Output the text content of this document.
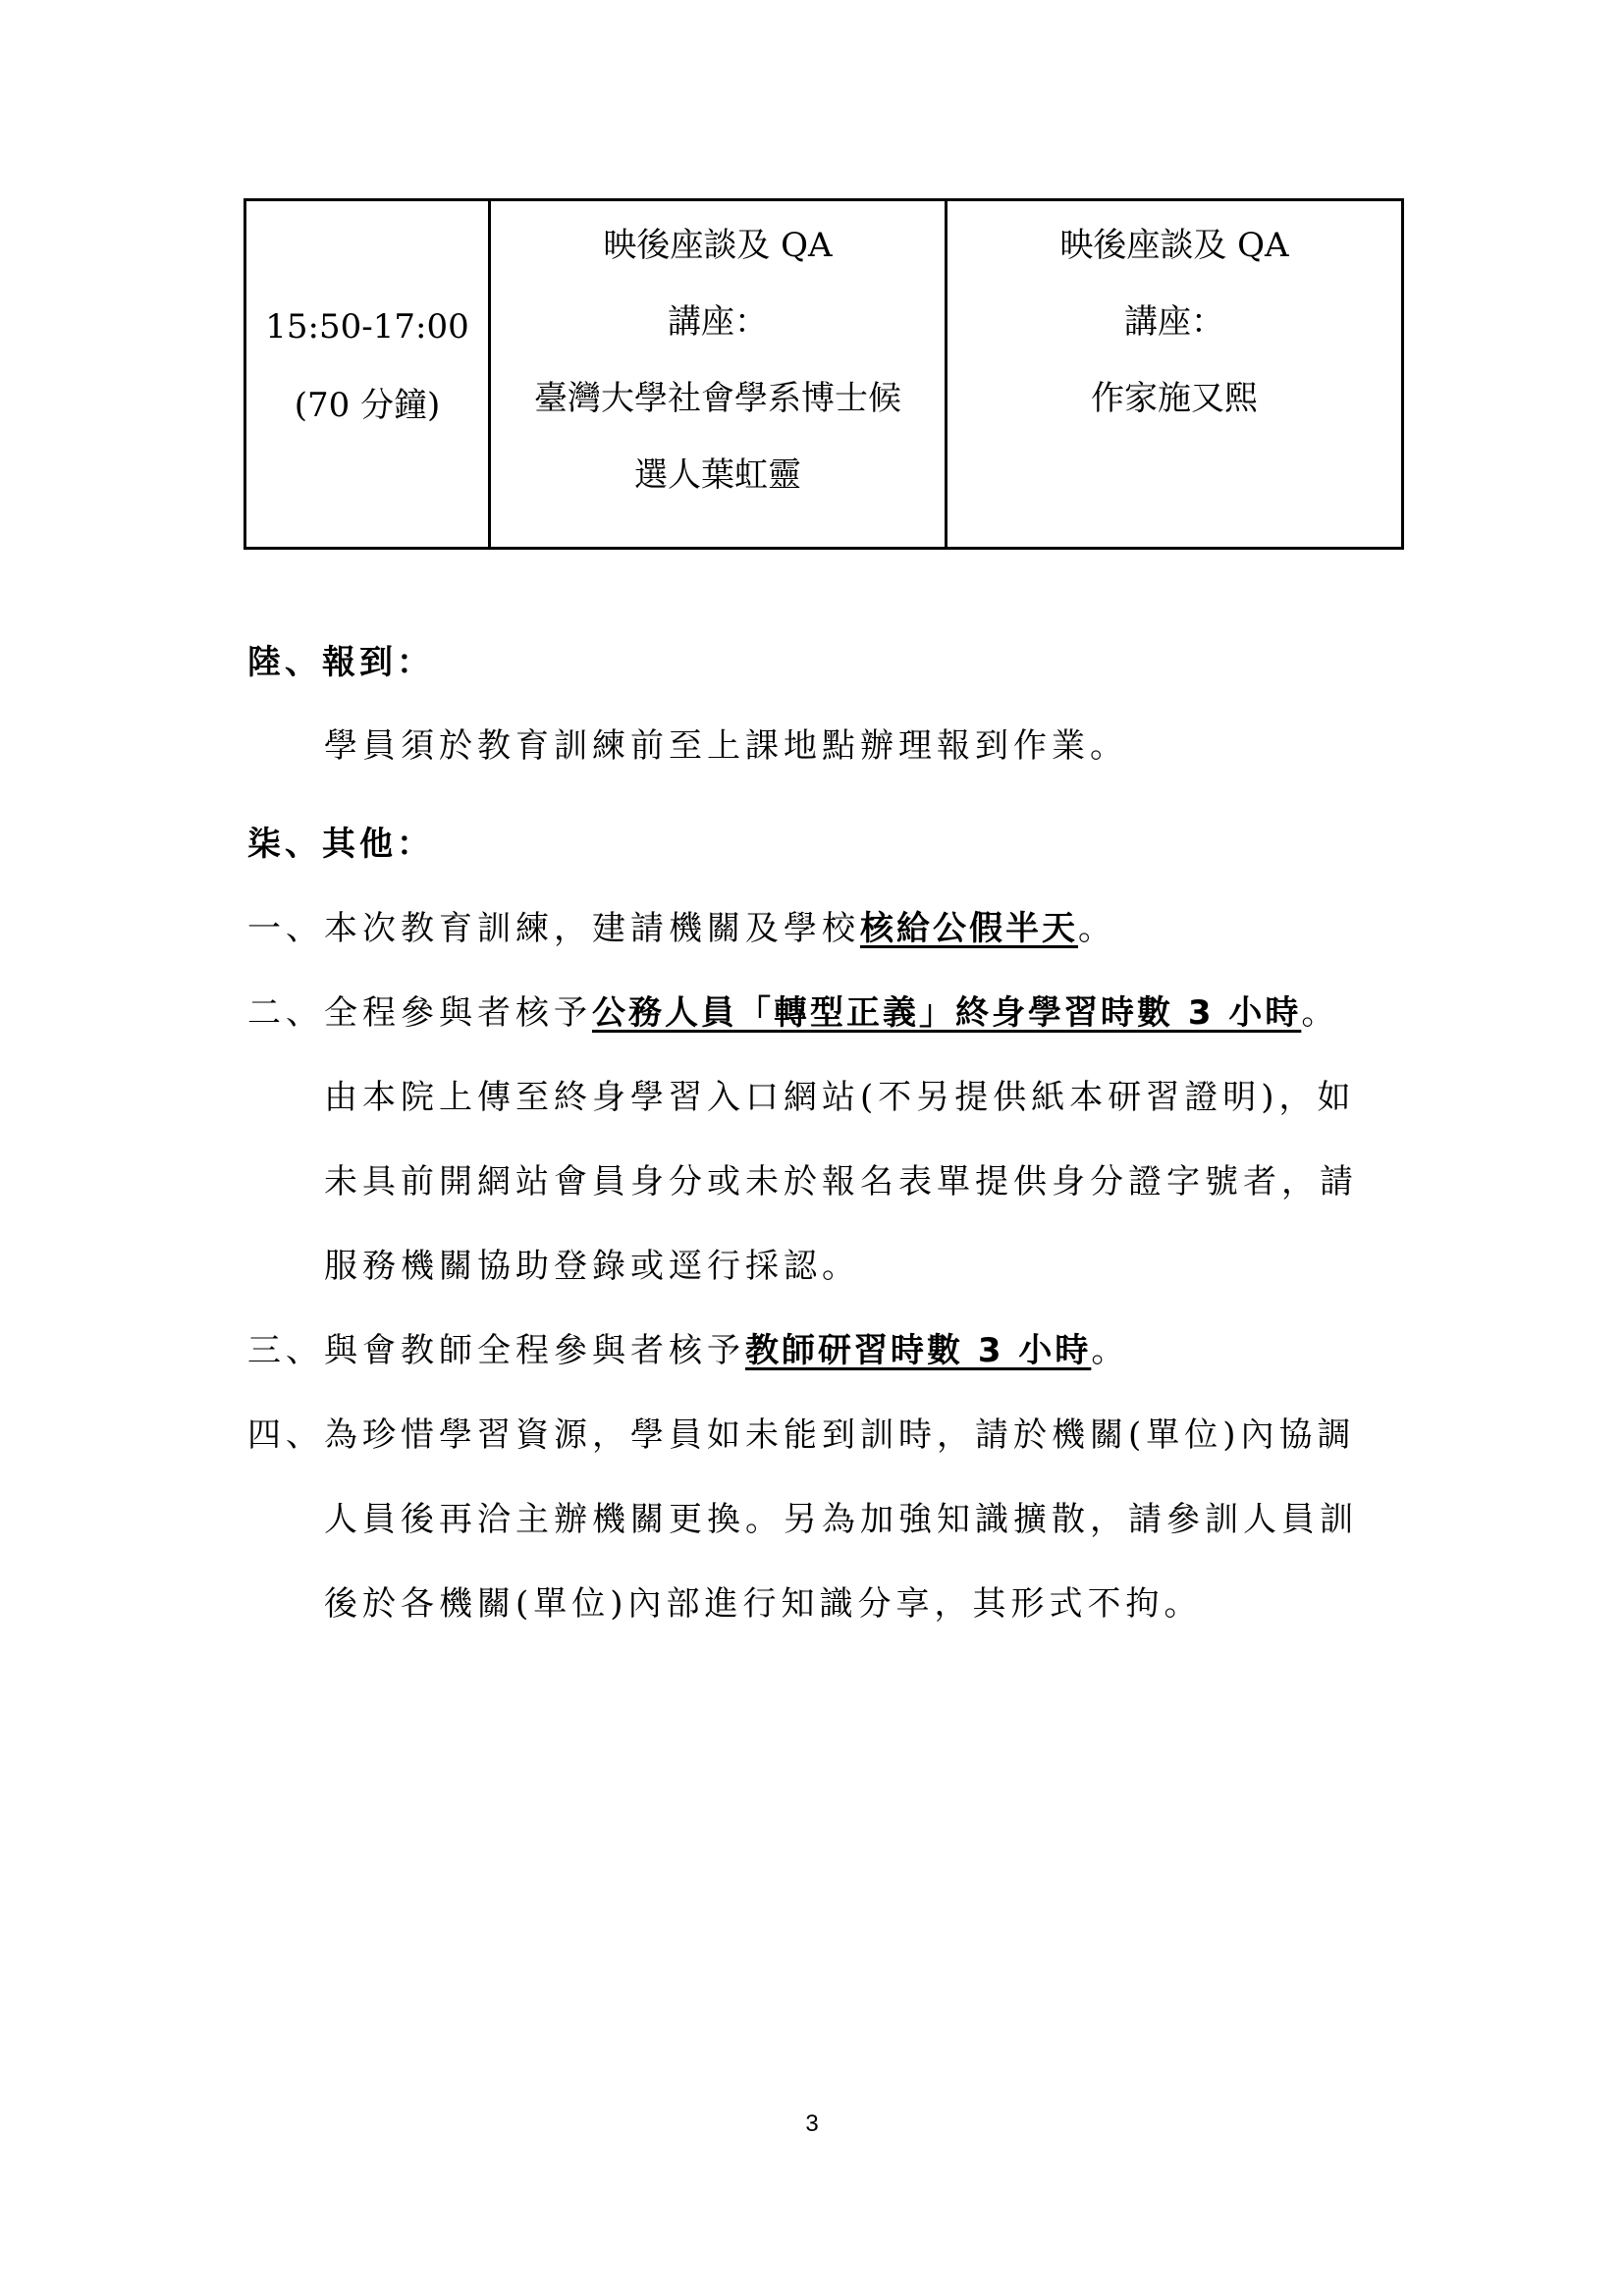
15:50-17:00
(70 分鐘)

映後座談及 QA
講座：
臺灣大學社會學系博士候
選人葉虹靈

映後座談及 QA
講座：
作家施又熙
陸、報到：
學員須於教育訓練前至上課地點辦理報到作業。
柒、其他：
一、本次教育訓練，建請機關及學校核給公假半天。
二、全程參與者核予公務人員「轉型正義」終身學習時數 3 小時。
由本院上傳至終身學習入口網站(不另提供紙本研習證明)，如
未具前開網站會員身分或未於報名表單提供身分證字號者，請
服務機關協助登錄或逕行採認。
三、與會教師全程參與者核予教師研習時數 3 小時。
四、為珍惜學習資源，學員如未能到訓時，請於機關(單位)內協調
人員後再洽主辦機關更換。另為加強知識擴散，請參訓人員訓
後於各機關(單位)內部進行知識分享，其形式不拘。
3
